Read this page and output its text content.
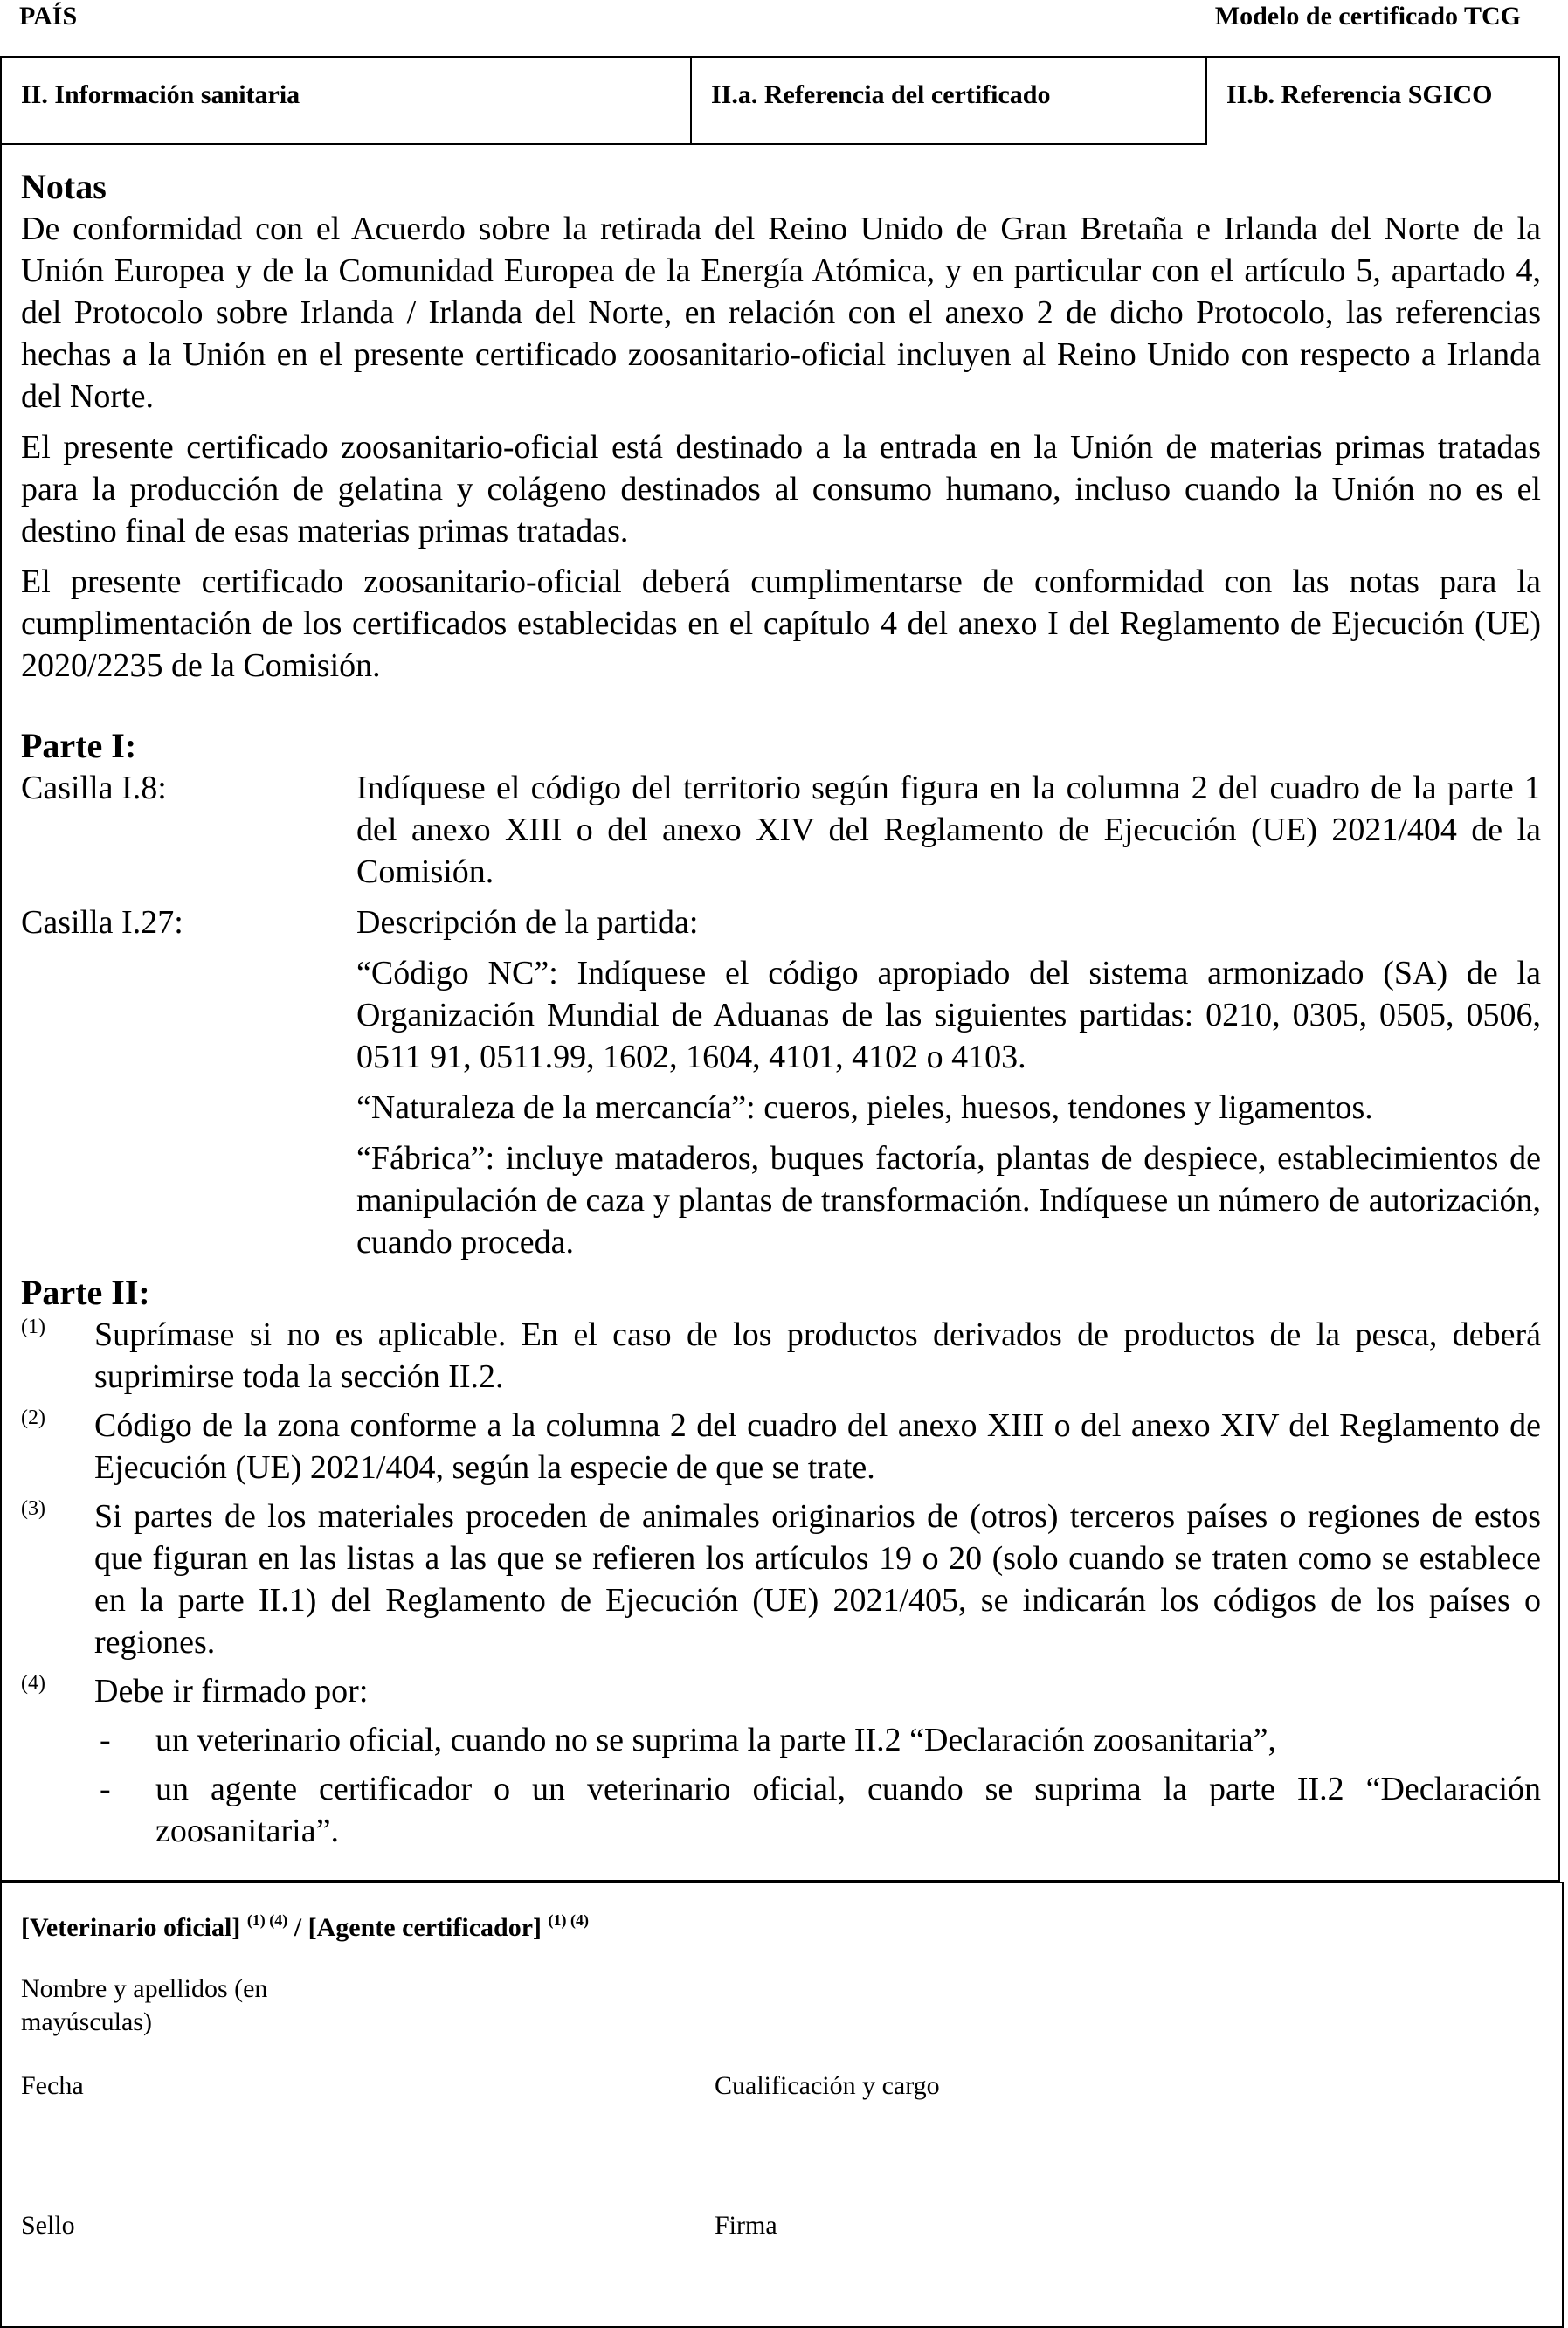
PAÍS	Modelo de certificado TCG
II. Información sanitaria	II.a. Referencia del certificado	II.b. Referencia SGICO
Notas

De conformidad con el Acuerdo sobre la retirada del Reino Unido de Gran Bretaña e Irlanda del Norte de la Unión Europea y de la Comunidad Europea de la Energía Atómica, y en particular con el artículo 5, apartado 4, del Protocolo sobre Irlanda / Irlanda del Norte, en relación con el anexo 2 de dicho Protocolo, las referencias hechas a la Unión en el presente certificado zoosanitario-oficial incluyen al Reino Unido con respecto a Irlanda del Norte.

El presente certificado zoosanitario-oficial está destinado a la entrada en la Unión de materias primas tratadas para la producción de gelatina y colágeno destinados al consumo humano, incluso cuando la Unión no es el destino final de esas materias primas tratadas.

El presente certificado zoosanitario-oficial deberá cumplimentarse de conformidad con las notas para la cumplimentación de los certificados establecidas en el capítulo 4 del anexo I del Reglamento de Ejecución (UE) 2020/2235 de la Comisión.

Parte I:
Casilla I.8:	Indíquese el código del territorio según figura en la columna 2 del cuadro de la parte 1 del anexo XIII o del anexo XIV del Reglamento de Ejecución (UE) 2021/404 de la Comisión.
Casilla I.27:	Descripción de la partida:

“Código NC”: Indíquese el código apropiado del sistema armonizado (SA) de la Organización Mundial de Aduanas de las siguientes partidas: 0210, 0305, 0505, 0506, 0511 91, 0511.99, 1602, 1604, 4101, 4102 o 4103.

“Naturaleza de la mercancía”: cueros, pieles, huesos, tendones y ligamentos.

“Fábrica”: incluye mataderos, buques factoría, plantas de despiece, establecimientos de manipulación de caza y plantas de transformación. Indíquese un número de autorización, cuando proceda.

Parte II:
(1)	Suprímase si no es aplicable. En el caso de los productos derivados de productos de la pesca, deberá suprimirse toda la sección II.2.
(2)	Código de la zona conforme a la columna 2 del cuadro del anexo XIII o del anexo XIV del Reglamento de Ejecución (UE) 2021/404, según la especie de que se trate.
(3)	Si partes de los materiales proceden de animales originarios de (otros) terceros países o regiones de estos que figuran en las listas a las que se refieren los artículos 19 o 20 (solo cuando se traten como se establece en la parte II.1) del Reglamento de Ejecución (UE) 2021/405, se indicarán los códigos de los países o regiones.
(4)	Debe ir firmado por:
-	un veterinario oficial, cuando no se suprima la parte II.2 “Declaración zoosanitaria”,
-	un agente certificador o un veterinario oficial, cuando se suprima la parte II.2 “Declaración zoosanitaria”.
[Veterinario oficial] $^{(1) (4)}$ / [Agente certificador] $^{(1) (4)}$
Nombre y apellidos (en mayúsculas)
Fecha	Cualificación y cargo
Sello	Firma
